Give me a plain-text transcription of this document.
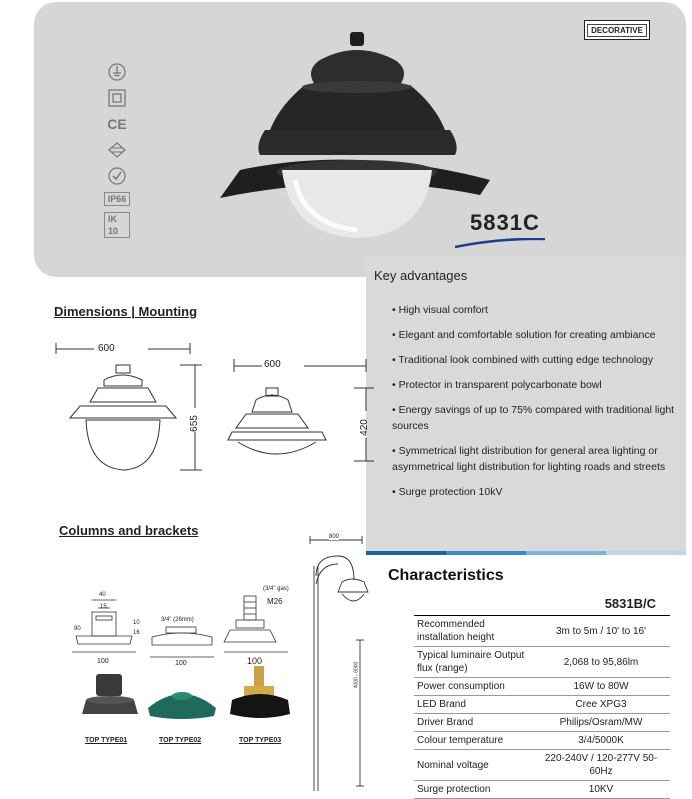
DECORATIVE
CE
IP66
IK 10	5831C
Key advantages
• High visual comfort
• Elegant and comfortable solution for creating ambiance
• Traditional look combined with cutting edge technology
• Protector in transparent polycarbonate bowl
• Energy savings of up to 75% compared with traditional light sources
• Symmetrical light distribution for general area lighting or asymmetrical light distribution for lighting roads and streets
• Surge protection 10kV
Dimensions | Mounting
600
655
600
420
Columns and brackets
40
15
90
10
16
100
3/4" (26mm)
100
(3/4" gas)
M26
100
TOP TYPE01	TOP TYPE02	TOP TYPE03
800
4000 - 6000
Characteristics
5831B/C	
Recommended installation height	3m to 5m / 10' to 16'
Typical luminaire Output flux (range)	2,068 to 95,86lm
Power consumption	16W to 80W
LED Brand	Cree XPG3
Driver Brand	Philips/Osram/MW
Colour temperature	3/4/5000K
Nominal voltage	220-240V / 120-277V 50-60Hz
Surge protection	10KV
